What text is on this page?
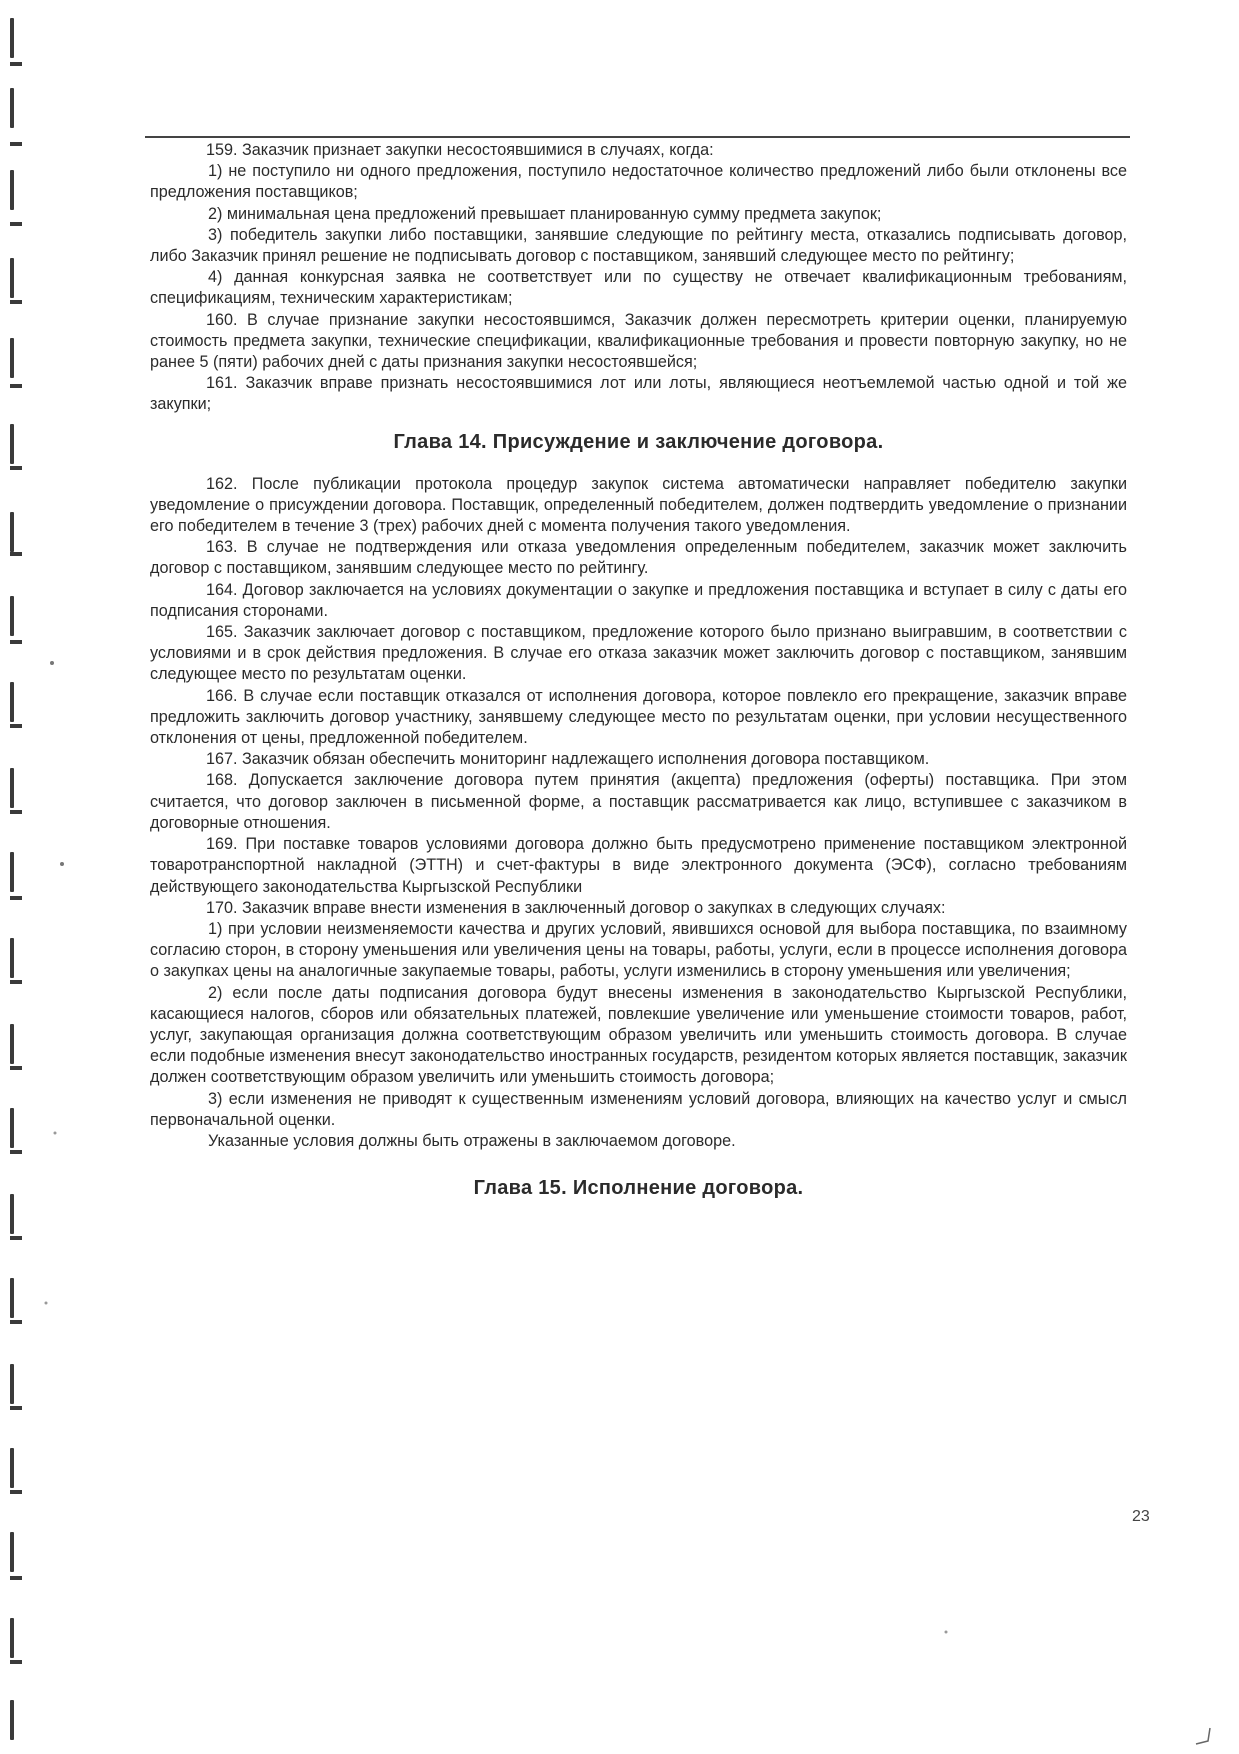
159. Заказчик признает закупки несостоявшимися в случаях, когда:

1) не поступило ни одного предложения, поступило недостаточное количество предложений либо были отклонены все предложения поставщиков;

2) минимальная цена предложений превышает планированную сумму предмета закупок;

3) победитель закупки либо поставщики, занявшие следующие по рейтингу места, отказались подписывать договор, либо Заказчик принял решение не подписывать договор с поставщиком, занявший следующее место по рейтингу;

4) данная конкурсная заявка не соответствует или по существу не отвечает квалификационным требованиям, спецификациям, техническим характеристикам;

160. В случае признание закупки несостоявшимся, Заказчик должен пересмотреть критерии оценки, планируемую стоимость предмета закупки, технические спецификации, квалификационные требования и провести повторную закупку, но не ранее 5 (пяти) рабочих дней с даты признания закупки несостоявшейся;

161. Заказчик вправе признать несостоявшимися лот или лоты, являющиеся неотъемлемой частью одной и той же закупки;

Глава 14. Присуждение и заключение договора.

162. После публикации протокола процедур закупок система автоматически направляет победителю закупки уведомление о присуждении договора. Поставщик, определенный победителем, должен подтвердить уведомление о признании его победителем в течение 3 (трех) рабочих дней с момента получения такого уведомления.

163. В случае не подтверждения или отказа уведомления определенным победителем, заказчик может заключить договор с поставщиком, занявшим следующее место по рейтингу.

164. Договор заключается на условиях документации о закупке и предложения поставщика и вступает в силу с даты его подписания сторонами.

165. Заказчик заключает договор с поставщиком, предложение которого было признано выигравшим, в соответствии с условиями и в срок действия предложения. В случае его отказа заказчик может заключить договор с поставщиком, занявшим следующее место по результатам оценки.

166. В случае если поставщик отказался от исполнения договора, которое повлекло его прекращение, заказчик вправе предложить заключить договор участнику, занявшему следующее место по результатам оценки, при условии несущественного отклонения от цены, предложенной победителем.

167. Заказчик обязан обеспечить мониторинг надлежащего исполнения договора поставщиком.

168. Допускается заключение договора путем принятия (акцепта) предложения (оферты) поставщика. При этом считается, что договор заключен в письменной форме, а поставщик рассматривается как лицо, вступившее с заказчиком в договорные отношения.

169. При поставке товаров условиями договора должно быть предусмотрено применение поставщиком электронной товаротранспортной накладной (ЭТТН) и счет-фактуры в виде электронного документа (ЭСФ), согласно требованиям действующего законодательства Кыргызской Республики

170. Заказчик вправе внести изменения в заключенный договор о закупках в следующих случаях:

1) при условии неизменяемости качества и других условий, явившихся основой для выбора поставщика, по взаимному согласию сторон, в сторону уменьшения или увеличения цены на товары, работы, услуги, если в процессе исполнения договора о закупках цены на аналогичные закупаемые товары, работы, услуги изменились в сторону уменьшения или увеличения;

2) если после даты подписания договора будут внесены изменения в законодательство Кыргызской Республики, касающиеся налогов, сборов или обязательных платежей, повлекшие увеличение или уменьшение стоимости товаров, работ, услуг, закупающая организация должна соответствующим образом увеличить или уменьшить стоимость договора. В случае если подобные изменения внесут законодательство иностранных государств, резидентом которых является поставщик, заказчик должен соответствующим образом увеличить или уменьшить стоимость договора;

3) если изменения не приводят к существенным изменениям условий договора, влияющих на качество услуг и смысл первоначальной оценки.

Указанные условия должны быть отражены в заключаемом договоре.

Глава 15. Исполнение договора.
23
